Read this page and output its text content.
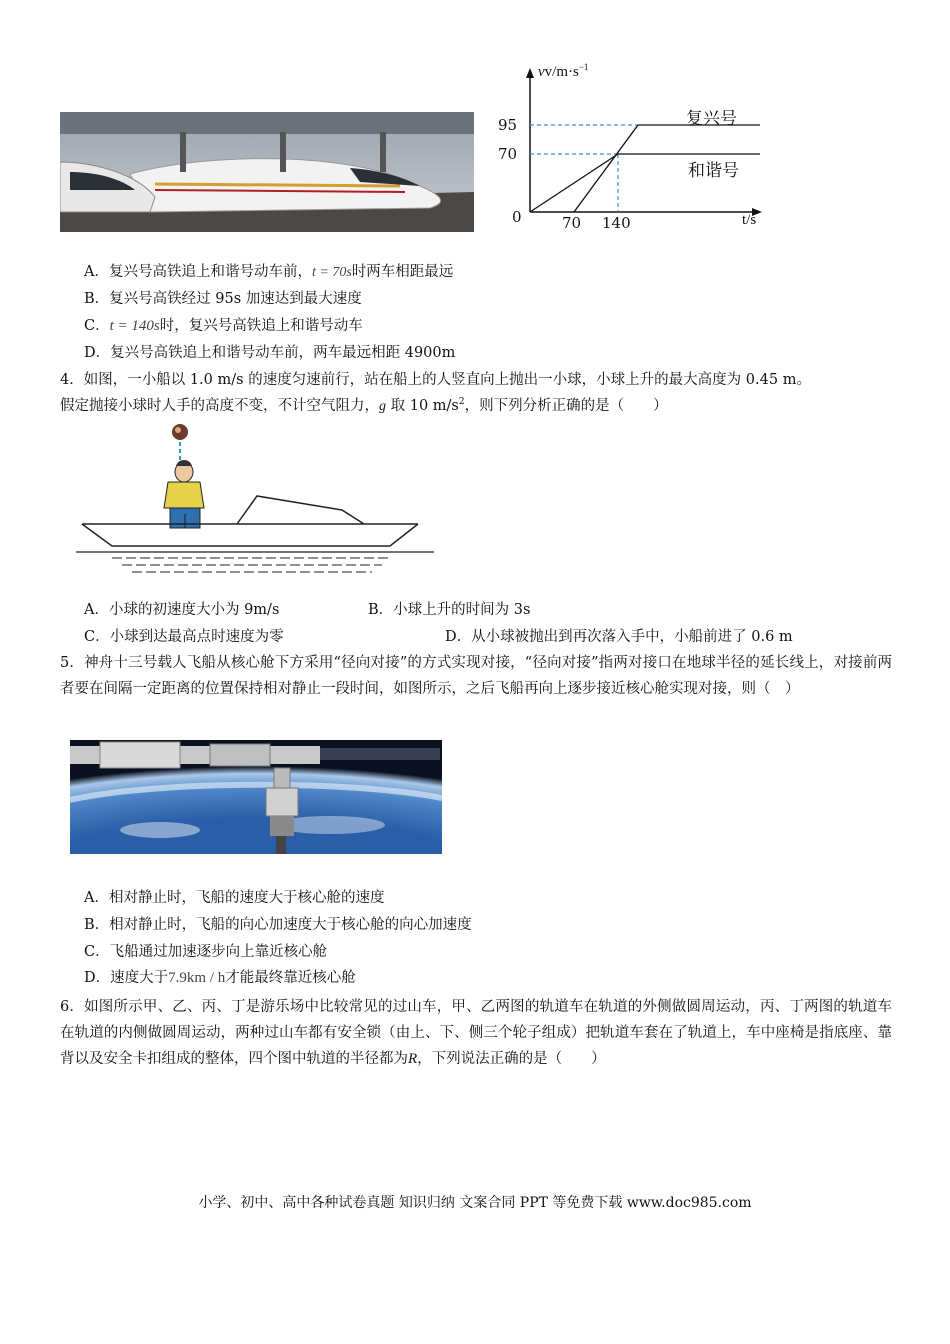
$vv/m\cdot s^{-1}$
95
70
0	70 140	t/s
复兴号
和谐号
A．复兴号高铁追上和谐号动车前，t = 70s时两车相距最远
B．复兴号高铁经过 95s 加速达到最大速度
C．t = 140s时，复兴号高铁追上和谐号动车
D．复兴号高铁追上和谐号动车前，两车最远相距 4900m
4．如图，一小船以 1.0 m/s 的速度匀速前行，站在船上的人竖直向上抛出一小球，小球上升的最大高度为 0.45 m。
假定抛接小球时人手的高度不变，不计空气阻力，g 取 10 $m/s^2$，则下列分析正确的是（　　）
A．小球的初速度大小为 9m/s	B．小球上升的时间为 3s
C．小球到达最高点时速度为零	D．从小球被抛出到再次落入手中，小船前进了 0.6 m
5．神舟十三号载人飞船从核心舱下方采用“径向对接”的方式实现对接，“径向对接”指两对接口在地球半径的延长线上，对接前两者要在间隔一定距离的位置保持相对静止一段时间，如图所示，之后飞船再向上逐步接近核心舱实现对接，则（　）
A．相对静止时，飞船的速度大于核心舱的速度
B．相对静止时，飞船的向心加速度大于核心舱的向心加速度
C．飞船通过加速逐步向上靠近核心舱
D．速度大于7.9km / h才能最终靠近核心舱
6．如图所示甲、乙、丙、丁是游乐场中比较常见的过山车，甲、乙两图的轨道车在轨道的外侧做圆周运动，丙、丁两图的轨道车在轨道的内侧做圆周运动，两种过山车都有安全锁（由上、下、侧三个轮子组成）把轨道车套在了轨道上，车中座椅是指底座、靠背以及安全卡扣组成的整体，四个图中轨道的半径都为R，下列说法正确的是（　　）
小学、初中、高中各种试卷真题 知识归纳 文案合同 PPT 等免费下载 www.doc985.com
